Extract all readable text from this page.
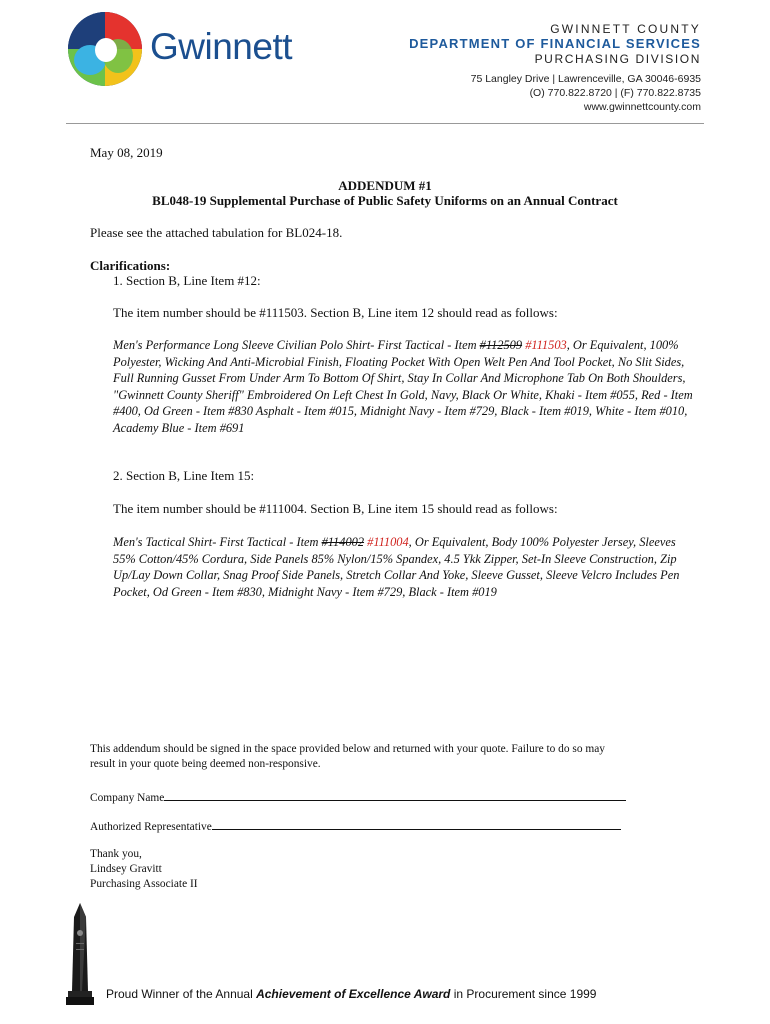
Gwinnett	GWINNETT COUNTY
DEPARTMENT OF FINANCIAL SERVICES
PURCHASING DIVISION
75 Langley Drive | Lawrenceville, GA 30046-6935
(O) 770.822.8720 | (F) 770.822.8735
www.gwinnettcounty.com
May 08, 2019
ADDENDUM #1
BL048-19 Supplemental Purchase of Public Safety Uniforms on an Annual Contract
Please see the attached tabulation for BL024-18.
Clarifications:
1. Section B, Line Item #12:
The item number should be #111503. Section B, Line item 12 should read as follows:
Men's Performance Long Sleeve Civilian Polo Shirt- First Tactical - Item #112509 #111503, Or Equivalent, 100% Polyester, Wicking And Anti-Microbial Finish, Floating Pocket With Open Welt Pen And Tool Pocket, No Slit Sides, Full Running Gusset From Under Arm To Bottom Of Shirt, Stay In Collar And Microphone Tab On Both Shoulders, "Gwinnett County Sheriff" Embroidered On Left Chest In Gold, Navy, Black Or White, Khaki - Item #055, Red - Item #400, Od Green - Item #830 Asphalt - Item #015, Midnight Navy - Item #729, Black - Item #019, White - Item #010, Academy Blue - Item #691
2. Section B, Line Item 15:
The item number should be #111004. Section B, Line item 15 should read as follows:
Men's Tactical Shirt- First Tactical - Item #114002 #111004, Or Equivalent, Body 100% Polyester Jersey, Sleeves 55% Cotton/45% Cordura, Side Panels 85% Nylon/15% Spandex, 4.5 Ykk Zipper, Set-In Sleeve Construction, Zip Up/Lay Down Collar, Snag Proof Side Panels, Stretch Collar And Yoke, Sleeve Gusset, Sleeve Velcro Includes Pen Pocket, Od Green - Item #830, Midnight Navy - Item #729, Black - Item #019
This addendum should be signed in the space provided below and returned with your quote. Failure to do so may
result in your quote being deemed non-responsive.
Company Name
Authorized Representative
Thank you,
Lindsey Gravitt
Purchasing Associate II
Proud Winner of the Annual Achievement of Excellence Award in Procurement since 1999
